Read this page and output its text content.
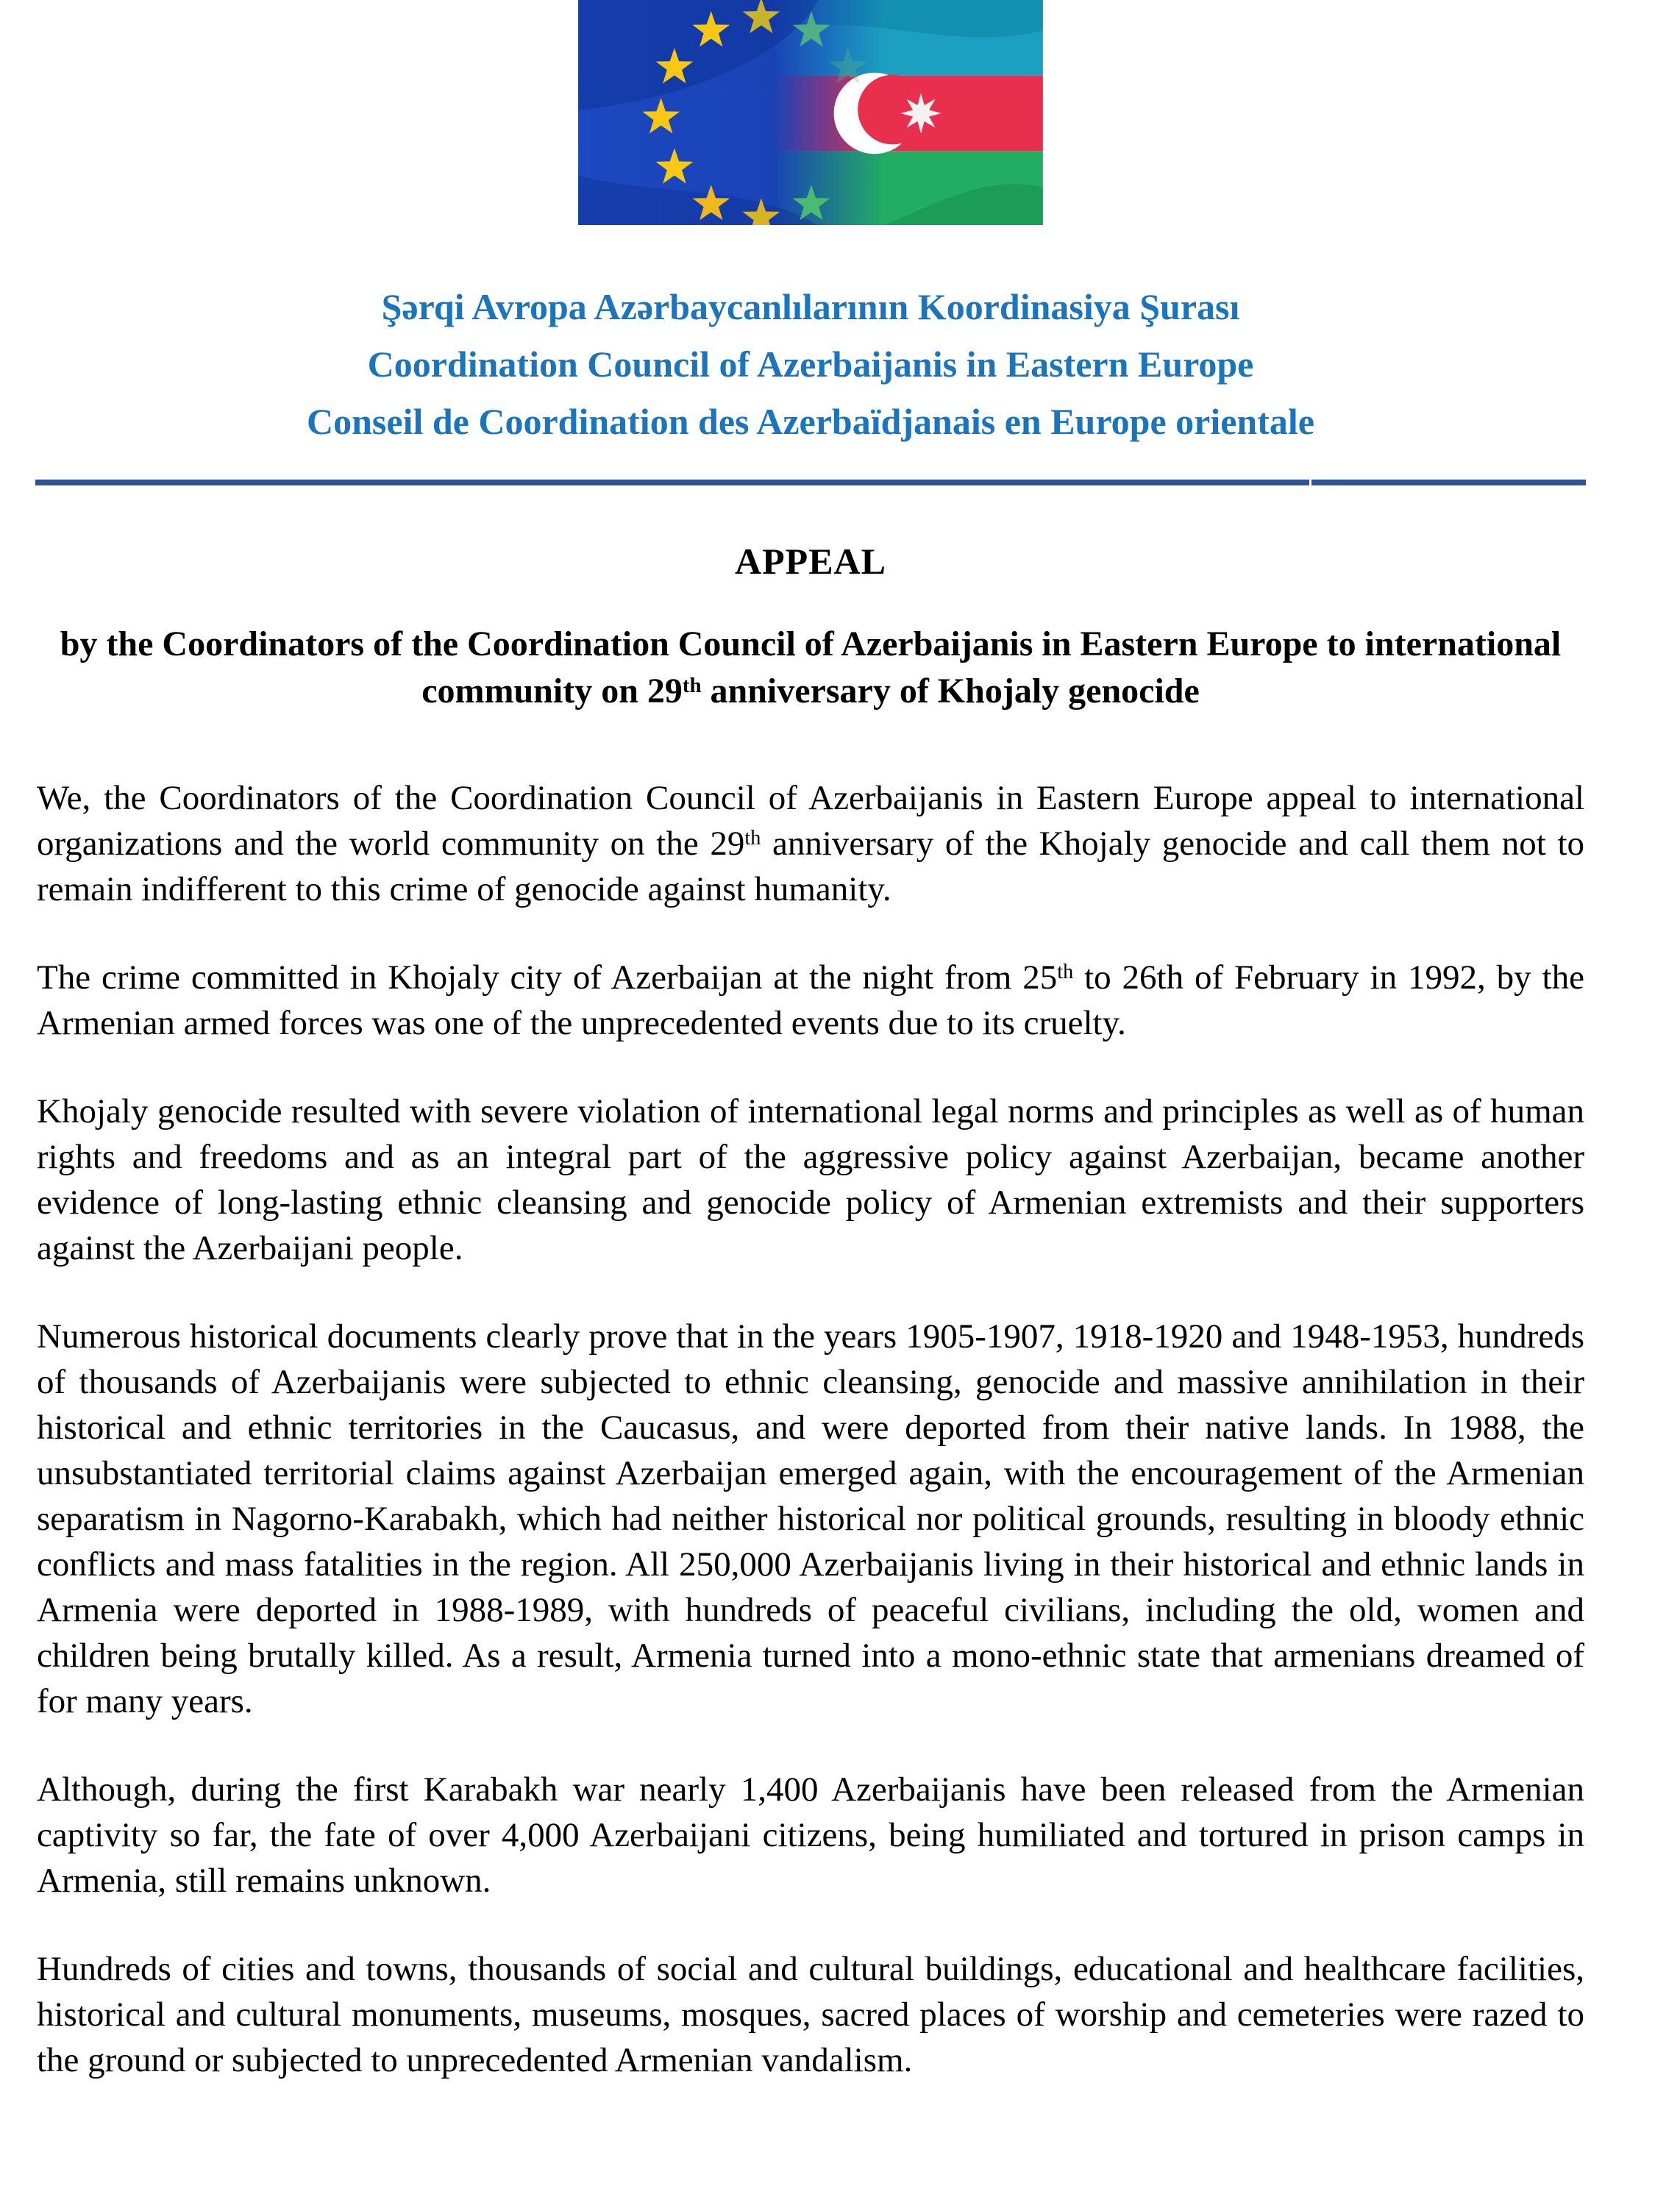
Şərqi Avropa Azərbaycanlılarının Koordinasiya Şurası
Coordination Council of Azerbaijanis in Eastern Europe
Conseil de Coordination des Azerbaïdjanais en Europe orientale
APPEAL
by the Coordinators of the Coordination Council of Azerbaijanis in Eastern Europe to international community on 29th anniversary of Khojaly genocide

We, the Coordinators of the Coordination Council of Azerbaijanis in Eastern Europe appeal to international organizations and the world community on the 29th anniversary of the Khojaly genocide and call them not to remain indifferent to this crime of genocide against humanity.

The crime committed in Khojaly city of Azerbaijan at the night from 25th to 26th of February in 1992, by the Armenian armed forces was one of the unprecedented events due to its cruelty.

Khojaly genocide resulted with severe violation of international legal norms and principles as well as of human rights and freedoms and as an integral part of the aggressive policy against Azerbaijan, became another evidence of long-lasting ethnic cleansing and genocide policy of Armenian extremists and their supporters against the Azerbaijani people.

Numerous historical documents clearly prove that in the years 1905-1907, 1918-1920 and 1948-1953, hundreds of thousands of Azerbaijanis were subjected to ethnic cleansing, genocide and massive annihilation in their historical and ethnic territories in the Caucasus, and were deported from their native lands. In 1988, the unsubstantiated territorial claims against Azerbaijan emerged again, with the encouragement of the Armenian separatism in Nagorno-Karabakh, which had neither historical nor political grounds, resulting in bloody ethnic conflicts and mass fatalities in the region. All 250,000 Azerbaijanis living in their historical and ethnic lands in Armenia were deported in 1988-1989, with hundreds of peaceful civilians, including the old, women and children being brutally killed. As a result, Armenia turned into a mono-ethnic state that armenians dreamed of for many years.

Although, during the first Karabakh war nearly 1,400 Azerbaijanis have been released from the Armenian captivity so far, the fate of over 4,000 Azerbaijani citizens, being humiliated and tortured in prison camps in Armenia, still remains unknown.

Hundreds of cities and towns, thousands of social and cultural buildings, educational and healthcare facilities, historical and cultural monuments, museums, mosques, sacred places of worship and cemeteries were razed to the ground or subjected to unprecedented Armenian vandalism.
